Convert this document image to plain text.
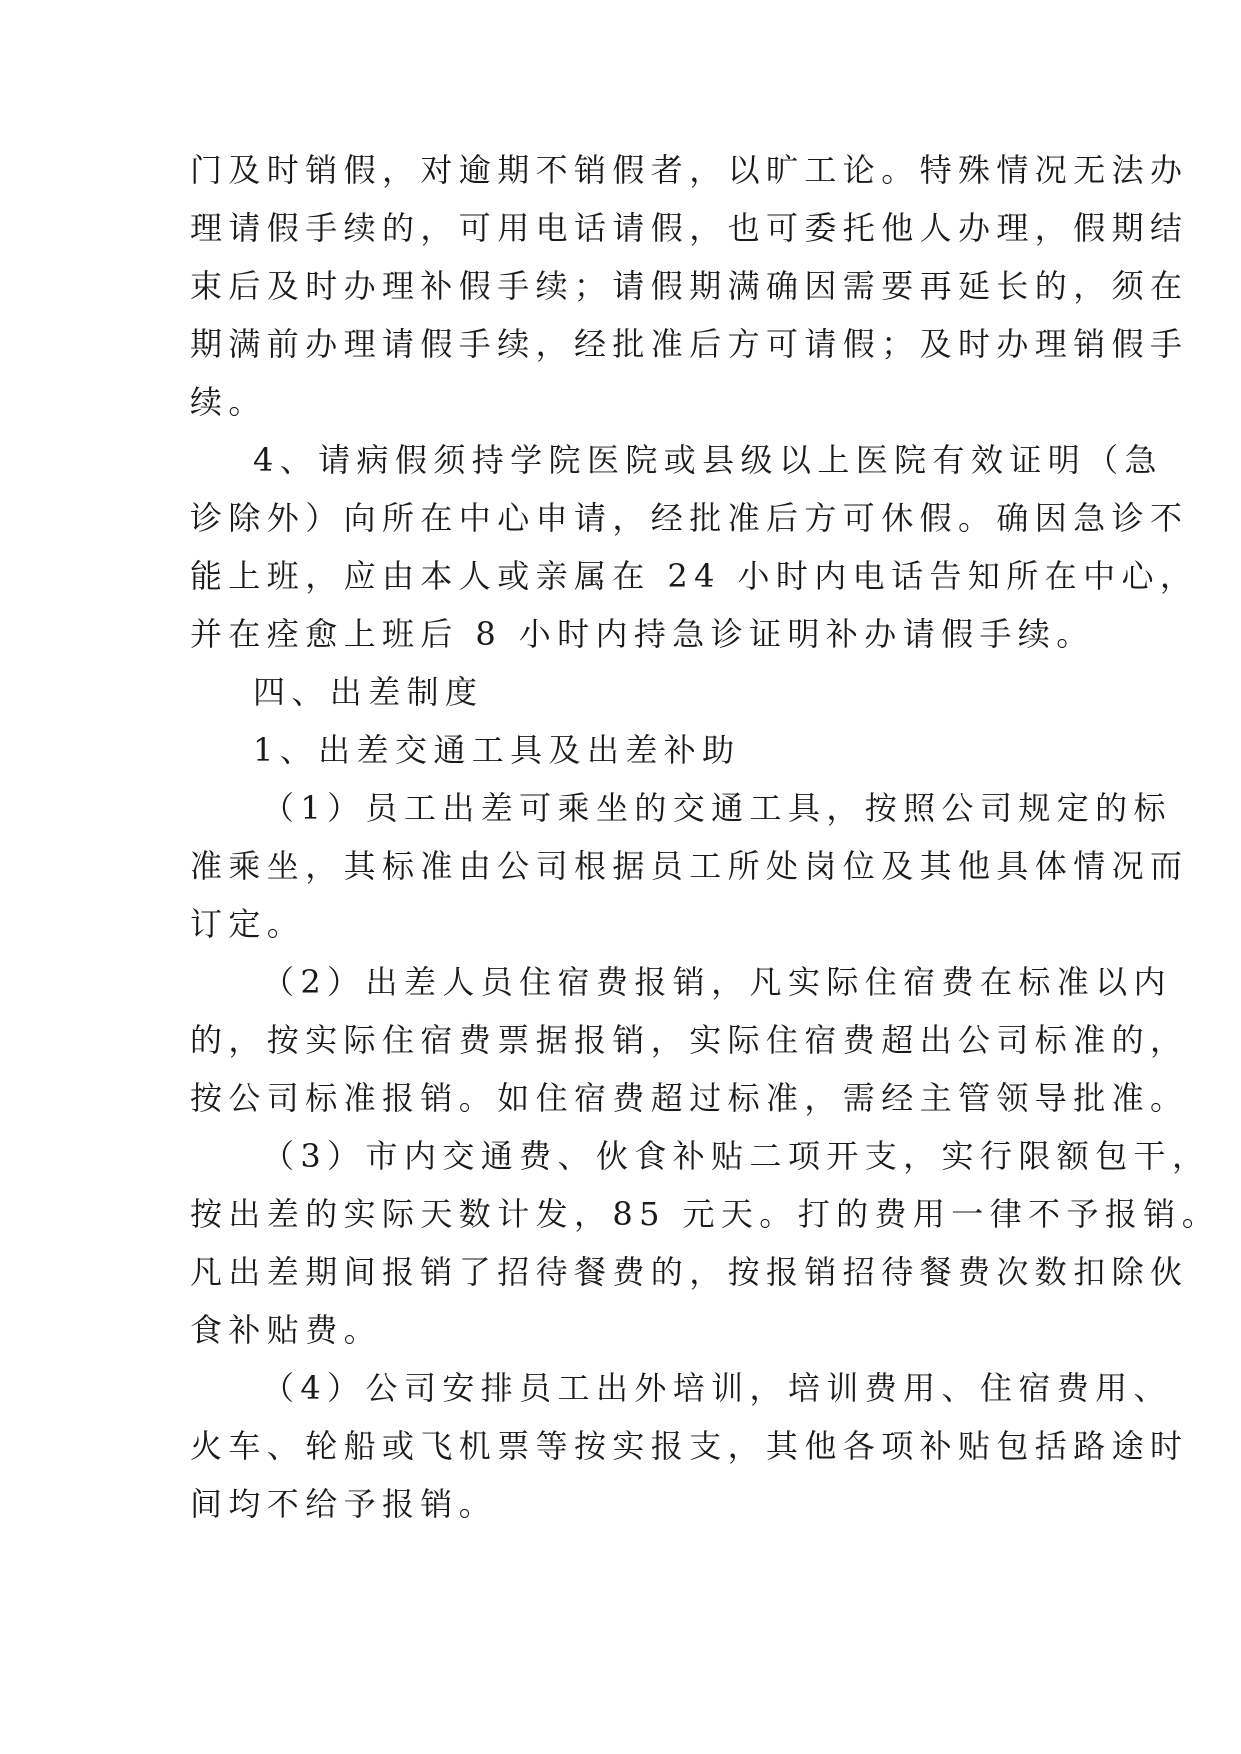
门及时销假，对逾期不销假者，以旷工论。特殊情况无法办
理请假手续的，可用电话请假，也可委托他人办理，假期结
束后及时办理补假手续；请假期满确因需要再延长的，须在
期满前办理请假手续，经批准后方可请假；及时办理销假手
续。
4、请病假须持学院医院或县级以上医院有效证明（急
诊除外）向所在中心申请，经批准后方可休假。确因急诊不
能上班，应由本人或亲属在 24 小时内电话告知所在中心，
并在痊愈上班后 8 小时内持急诊证明补办请假手续。
四、出差制度
1、出差交通工具及出差补助
（1）员工出差可乘坐的交通工具，按照公司规定的标
准乘坐，其标准由公司根据员工所处岗位及其他具体情况而
订定。
（2）出差人员住宿费报销，凡实际住宿费在标准以内
的，按实际住宿费票据报销，实际住宿费超出公司标准的，
按公司标准报销。如住宿费超过标准，需经主管领导批准。
（3）市内交通费、伙食补贴二项开支，实行限额包干，
按出差的实际天数计发，85 元天。打的费用一律不予报销。
凡出差期间报销了招待餐费的，按报销招待餐费次数扣除伙
食补贴费。
（4）公司安排员工出外培训，培训费用、住宿费用、
火车、轮船或飞机票等按实报支，其他各项补贴包括路途时
间均不给予报销。
